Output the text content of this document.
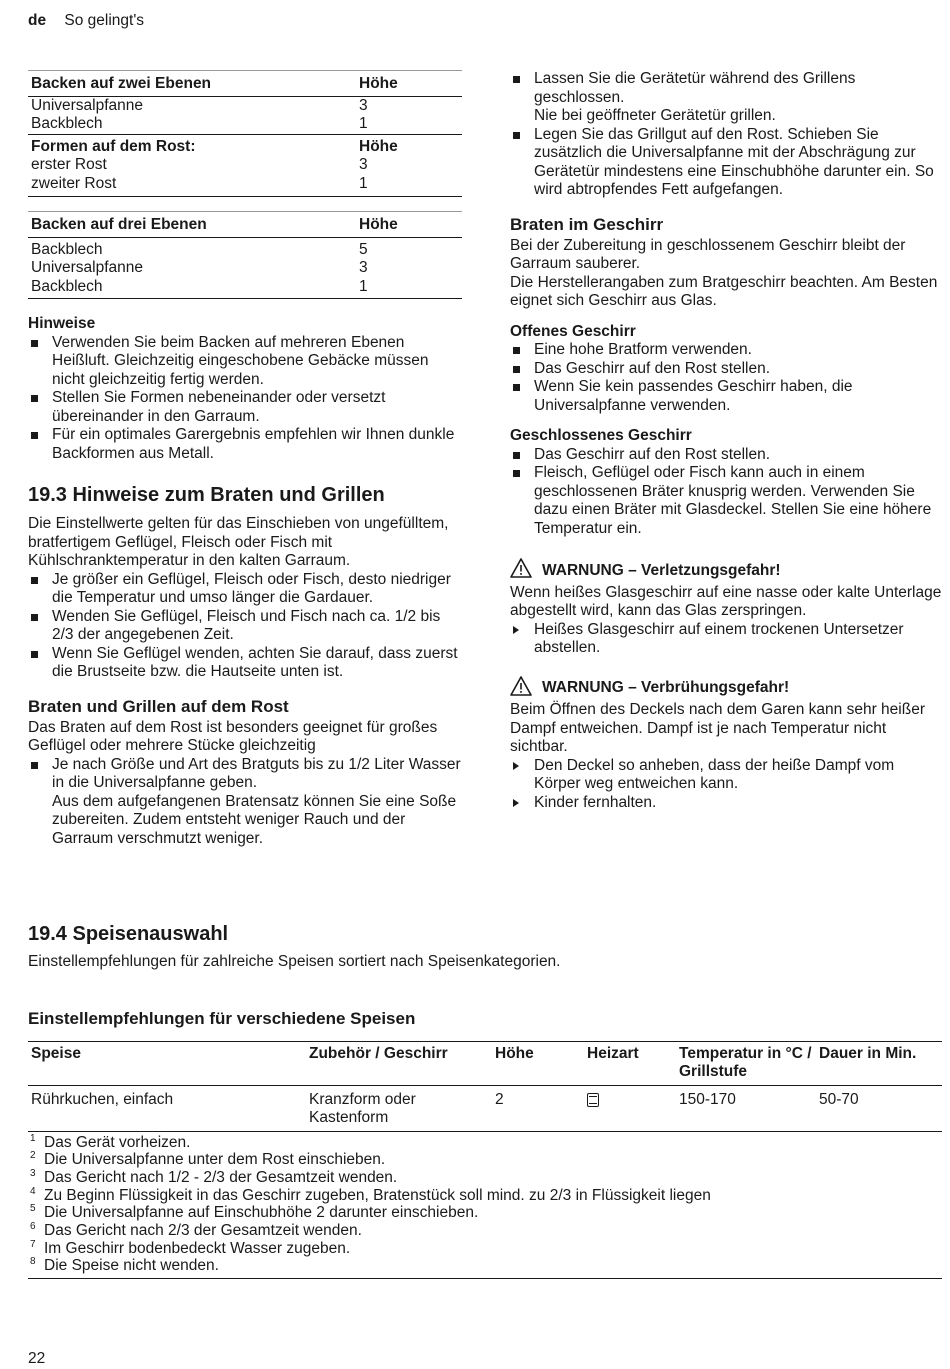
de So gelingt's
Backen auf zwei Ebenen	Höhe
Universalpfanne	3
Backblech	1
Formen auf dem Rost:	Höhe
erster Rost	3
zweiter Rost	1
Backen auf drei Ebenen	Höhe
Backblech	5
Universalpfanne	3
Backblech	1
Hinweise
Verwenden Sie beim Backen auf mehreren Ebenen Heißluft. Gleichzeitig eingeschobene Gebäcke müssen nicht gleichzeitig fertig werden.
Stellen Sie Formen nebeneinander oder versetzt übereinander in den Garraum.
Für ein optimales Garergebnis empfehlen wir Ihnen dunkle Backformen aus Metall.
19.3 Hinweise zum Braten und Grillen

Die Einstellwerte gelten für das Einschieben von ungefülltem, bratfertigem Geflügel, Fleisch oder Fisch mit Kühlschranktemperatur in den kalten Garraum.

Je größer ein Geflügel, Fleisch oder Fisch, desto niedriger die Temperatur und umso länger die Gardauer.
Wenden Sie Geflügel, Fleisch und Fisch nach ca. 1/2 bis 2/3 der angegebenen Zeit.
Wenn Sie Geflügel wenden, achten Sie darauf, dass zuerst die Brustseite bzw. die Hautseite unten ist.
Braten und Grillen auf dem Rost

Das Braten auf dem Rost ist besonders geeignet für großes Geflügel oder mehrere Stücke gleichzeitig

Je nach Größe und Art des Bratguts bis zu 1/2 Liter Wasser in die Universalpfanne geben.
Aus dem aufgefangenen Bratensatz können Sie eine Soße zubereiten. Zudem entsteht weniger Rauch und der Garraum verschmutzt weniger.
Lassen Sie die Gerätetür während des Grillens geschlossen.
Nie bei geöffneter Gerätetür grillen.
Legen Sie das Grillgut auf den Rost. Schieben Sie zusätzlich die Universalpfanne mit der Abschrägung zur Gerätetür mindestens eine Einschubhöhe darunter ein. So wird abtropfendes Fett aufgefangen.
Braten im Geschirr

Bei der Zubereitung in geschlossenem Geschirr bleibt der Garraum sauberer.

Die Herstellerangaben zum Bratgeschirr beachten. Am Besten eignet sich Geschirr aus Glas.

Offenes Geschirr
Eine hohe Bratform verwenden.
Das Geschirr auf den Rost stellen.
Wenn Sie kein passendes Geschirr haben, die Universalpfanne verwenden.
Geschlossenes Geschirr
Das Geschirr auf den Rost stellen.
Fleisch, Geflügel oder Fisch kann auch in einem geschlossenen Bräter knusprig werden. Verwenden Sie dazu einen Bräter mit Glasdeckel. Stellen Sie eine höhere Temperatur ein.
WARNUNG – Verletzungsgefahr!

Wenn heißes Glasgeschirr auf eine nasse oder kalte Unterlage abgestellt wird, kann das Glas zerspringen.

Heißes Glasgeschirr auf einem trockenen Untersetzer abstellen.
WARNUNG – Verbrühungsgefahr!

Beim Öffnen des Deckels nach dem Garen kann sehr heißer Dampf entweichen. Dampf ist je nach Temperatur nicht sichtbar.

Den Deckel so anheben, dass der heiße Dampf vom Körper weg entweichen kann.
Kinder fernhalten.
19.4 Speisenauswahl

Einstellempfehlungen für zahlreiche Speisen sortiert nach Speisenkategorien.

Einstellempfehlungen für verschiedene Speisen
Speise	Zubehör / Geschirr	Höhe	Heizart	Temperatur in °C / Grillstufe	Dauer in Min.
Rührkuchen, einfach	Kranzform oder Kastenform	2		150-170	50-70
1 Das Gerät vorheizen.
2 Die Universalpfanne unter dem Rost einschieben.
3 Das Gericht nach 1/2 - 2/3 der Gesamtzeit wenden.
4 Zu Beginn Flüssigkeit in das Geschirr zugeben, Bratenstück soll mind. zu 2/3 in Flüssigkeit liegen
5 Die Universalpfanne auf Einschubhöhe 2 darunter einschieben.
6 Das Gericht nach 2/3 der Gesamtzeit wenden.
7 Im Geschirr bodenbedeckt Wasser zugeben.
8 Die Speise nicht wenden.
22
